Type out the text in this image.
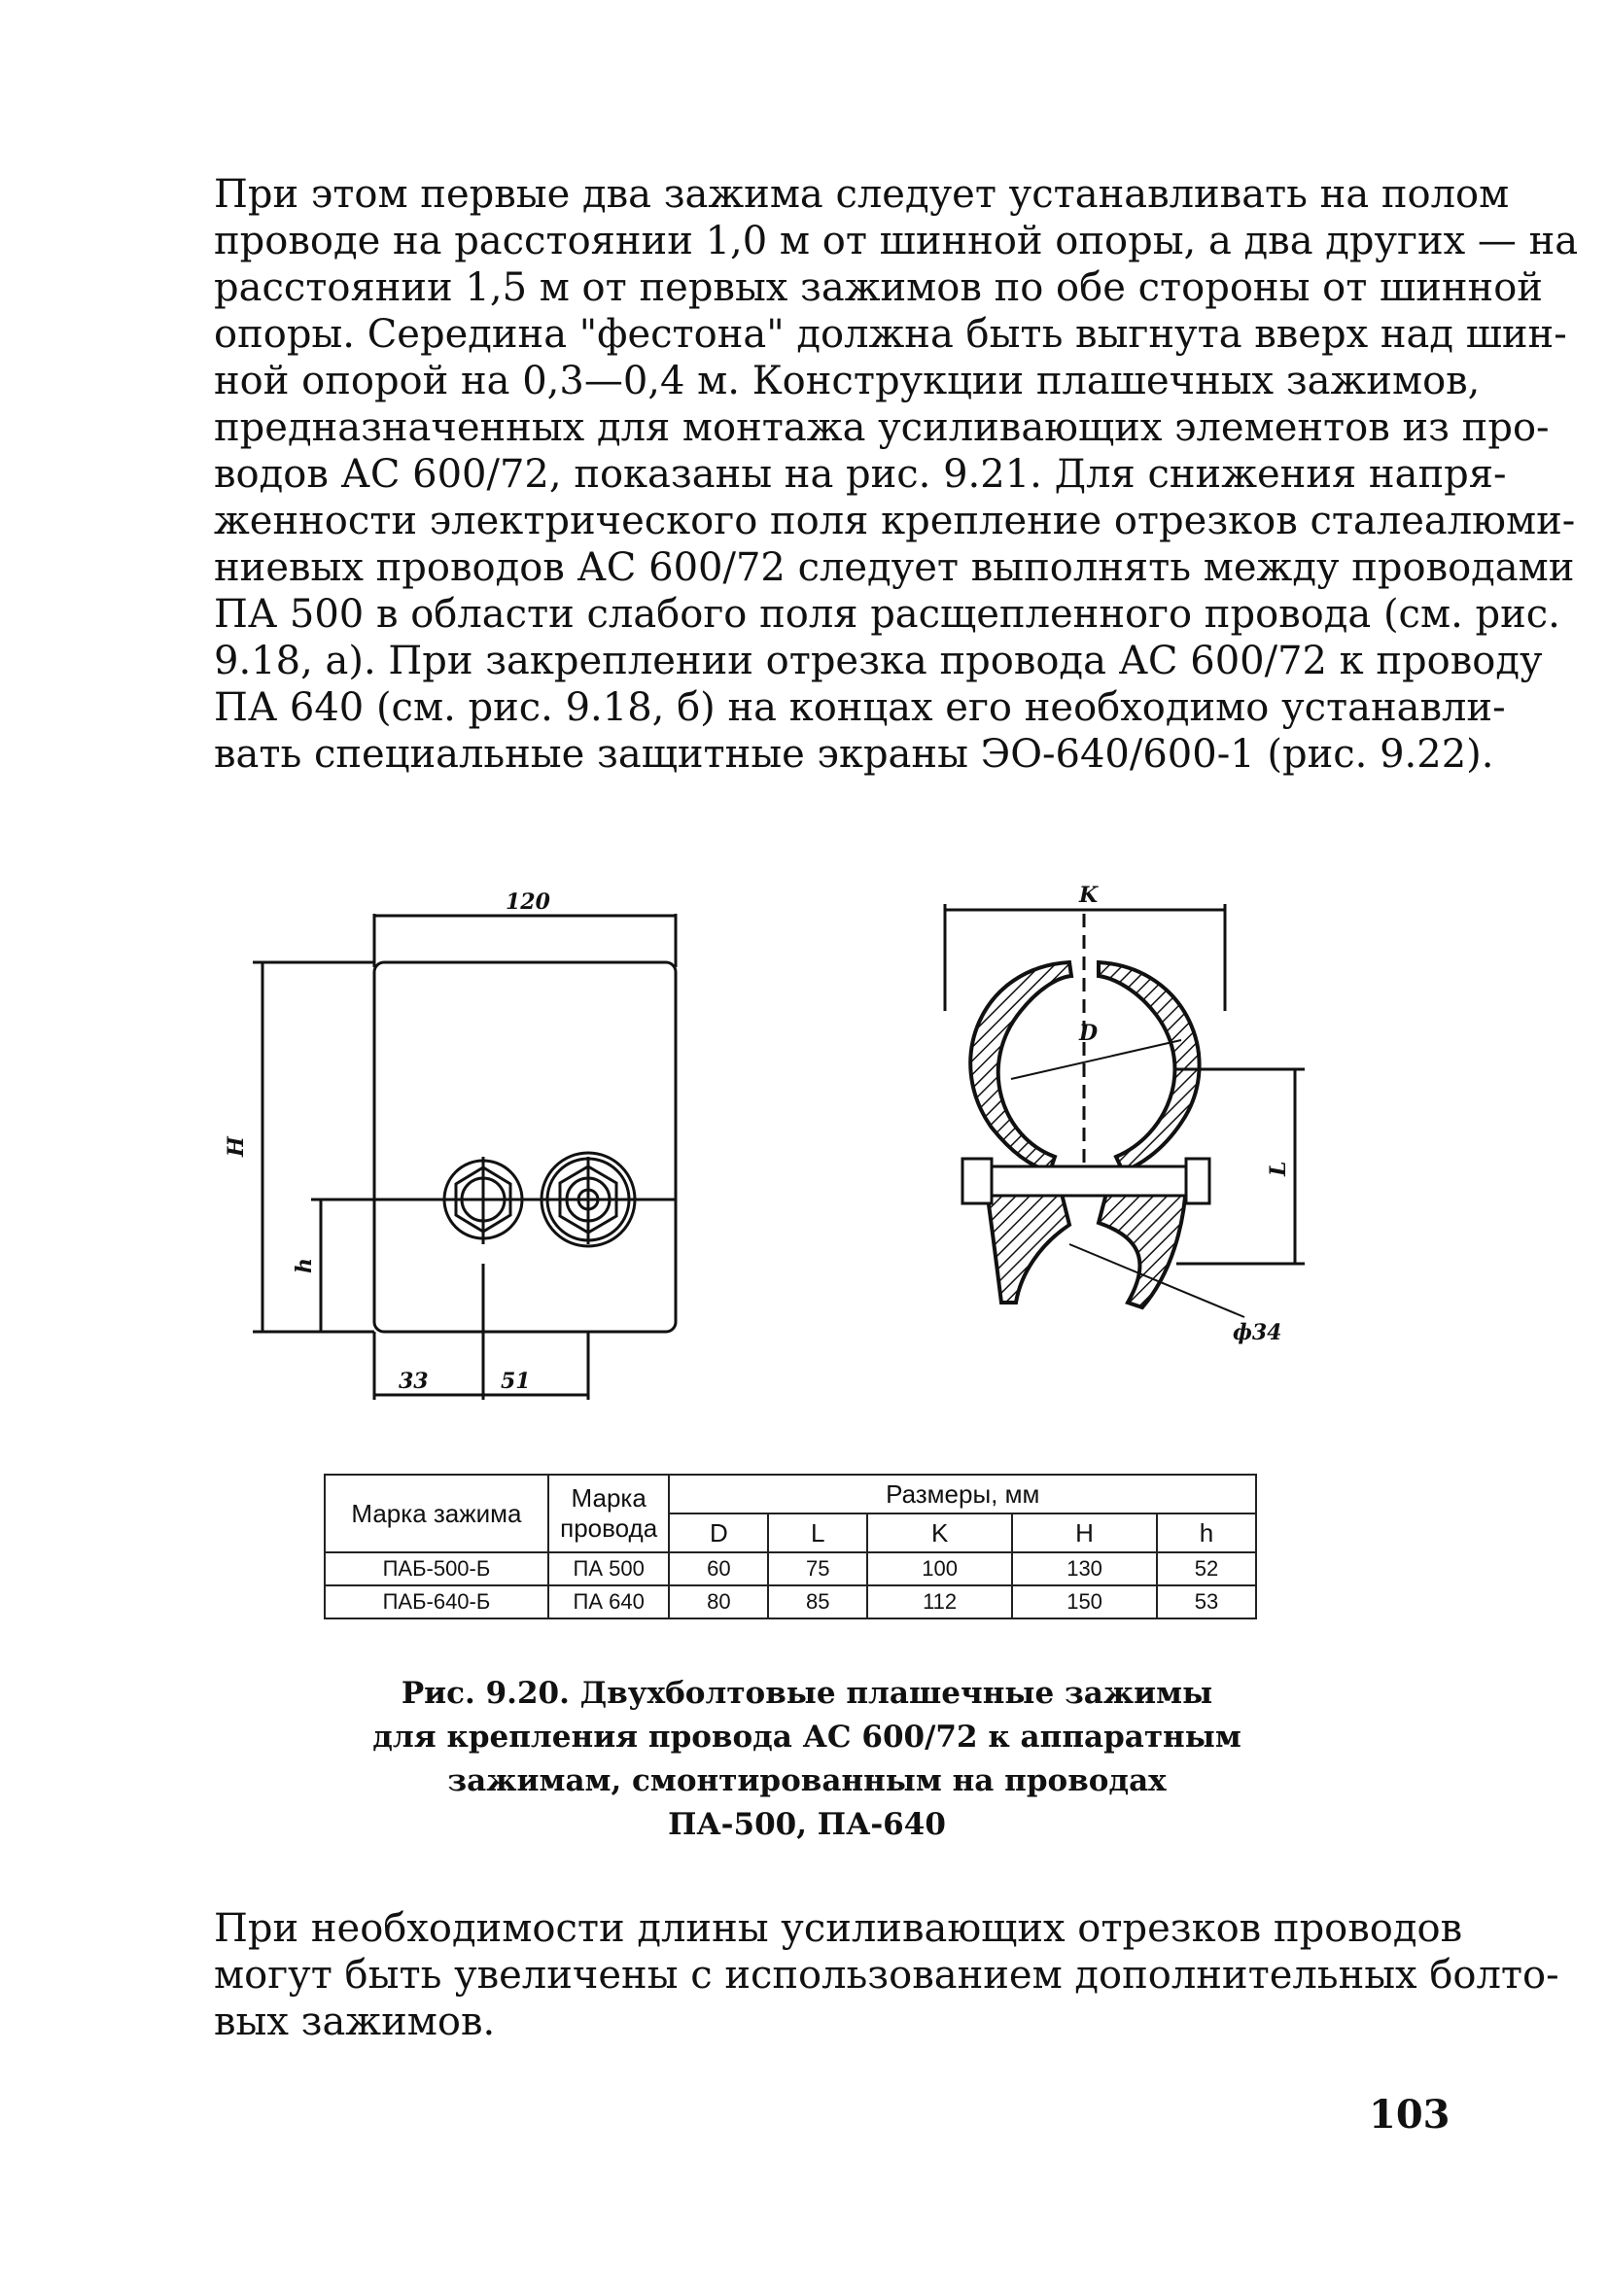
При этом первые два зажима следует устанавливать на полом
проводе на расстоянии 1,0 м от шинной опоры, а два других — на
расстоянии 1,5 м от первых зажимов по обе стороны от шинной
опоры. Середина "фестона" должна быть выгнута вверх над шин-
ной опорой на 0,3—0,4 м. Конструкции плашечных зажимов,
предназначенных для монтажа усиливающих элементов из про-
водов АС 600/72, показаны на рис. 9.21. Для снижения напря-
женности электрического поля крепление отрезков сталеалюми-
ниевых проводов АС 600/72 следует выполнять между проводами
ПА 500 в области слабого поля расщепленного провода (см. рис.
9.18, а). При закреплении отрезка провода АС 600/72 к проводу
ПА 640 (см. рис. 9.18, б) на концах его необходимо устанавли-
вать специальные защитные экраны ЭО-640/600-1 (рис. 9.22).
120
H
h
33	51
K
D
L
ф34
Марка зажима	Марка провода	Размеры, мм				
		D	L	K	H	h
ПАБ-500-Б	ПА 500	60	75	100	130	52
ПАБ-640-Б	ПА 640	80	85	112	150	53
Рис. 9.20. Двухболтовые плашечные зажимы
для крепления провода АС 600/72 к аппаратным
зажимам, смонтированным на проводах
ПА-500, ПА-640
При необходимости длины усиливающих отрезков проводов
могут быть увеличены с использованием дополнительных болто-
вых зажимов.
103
